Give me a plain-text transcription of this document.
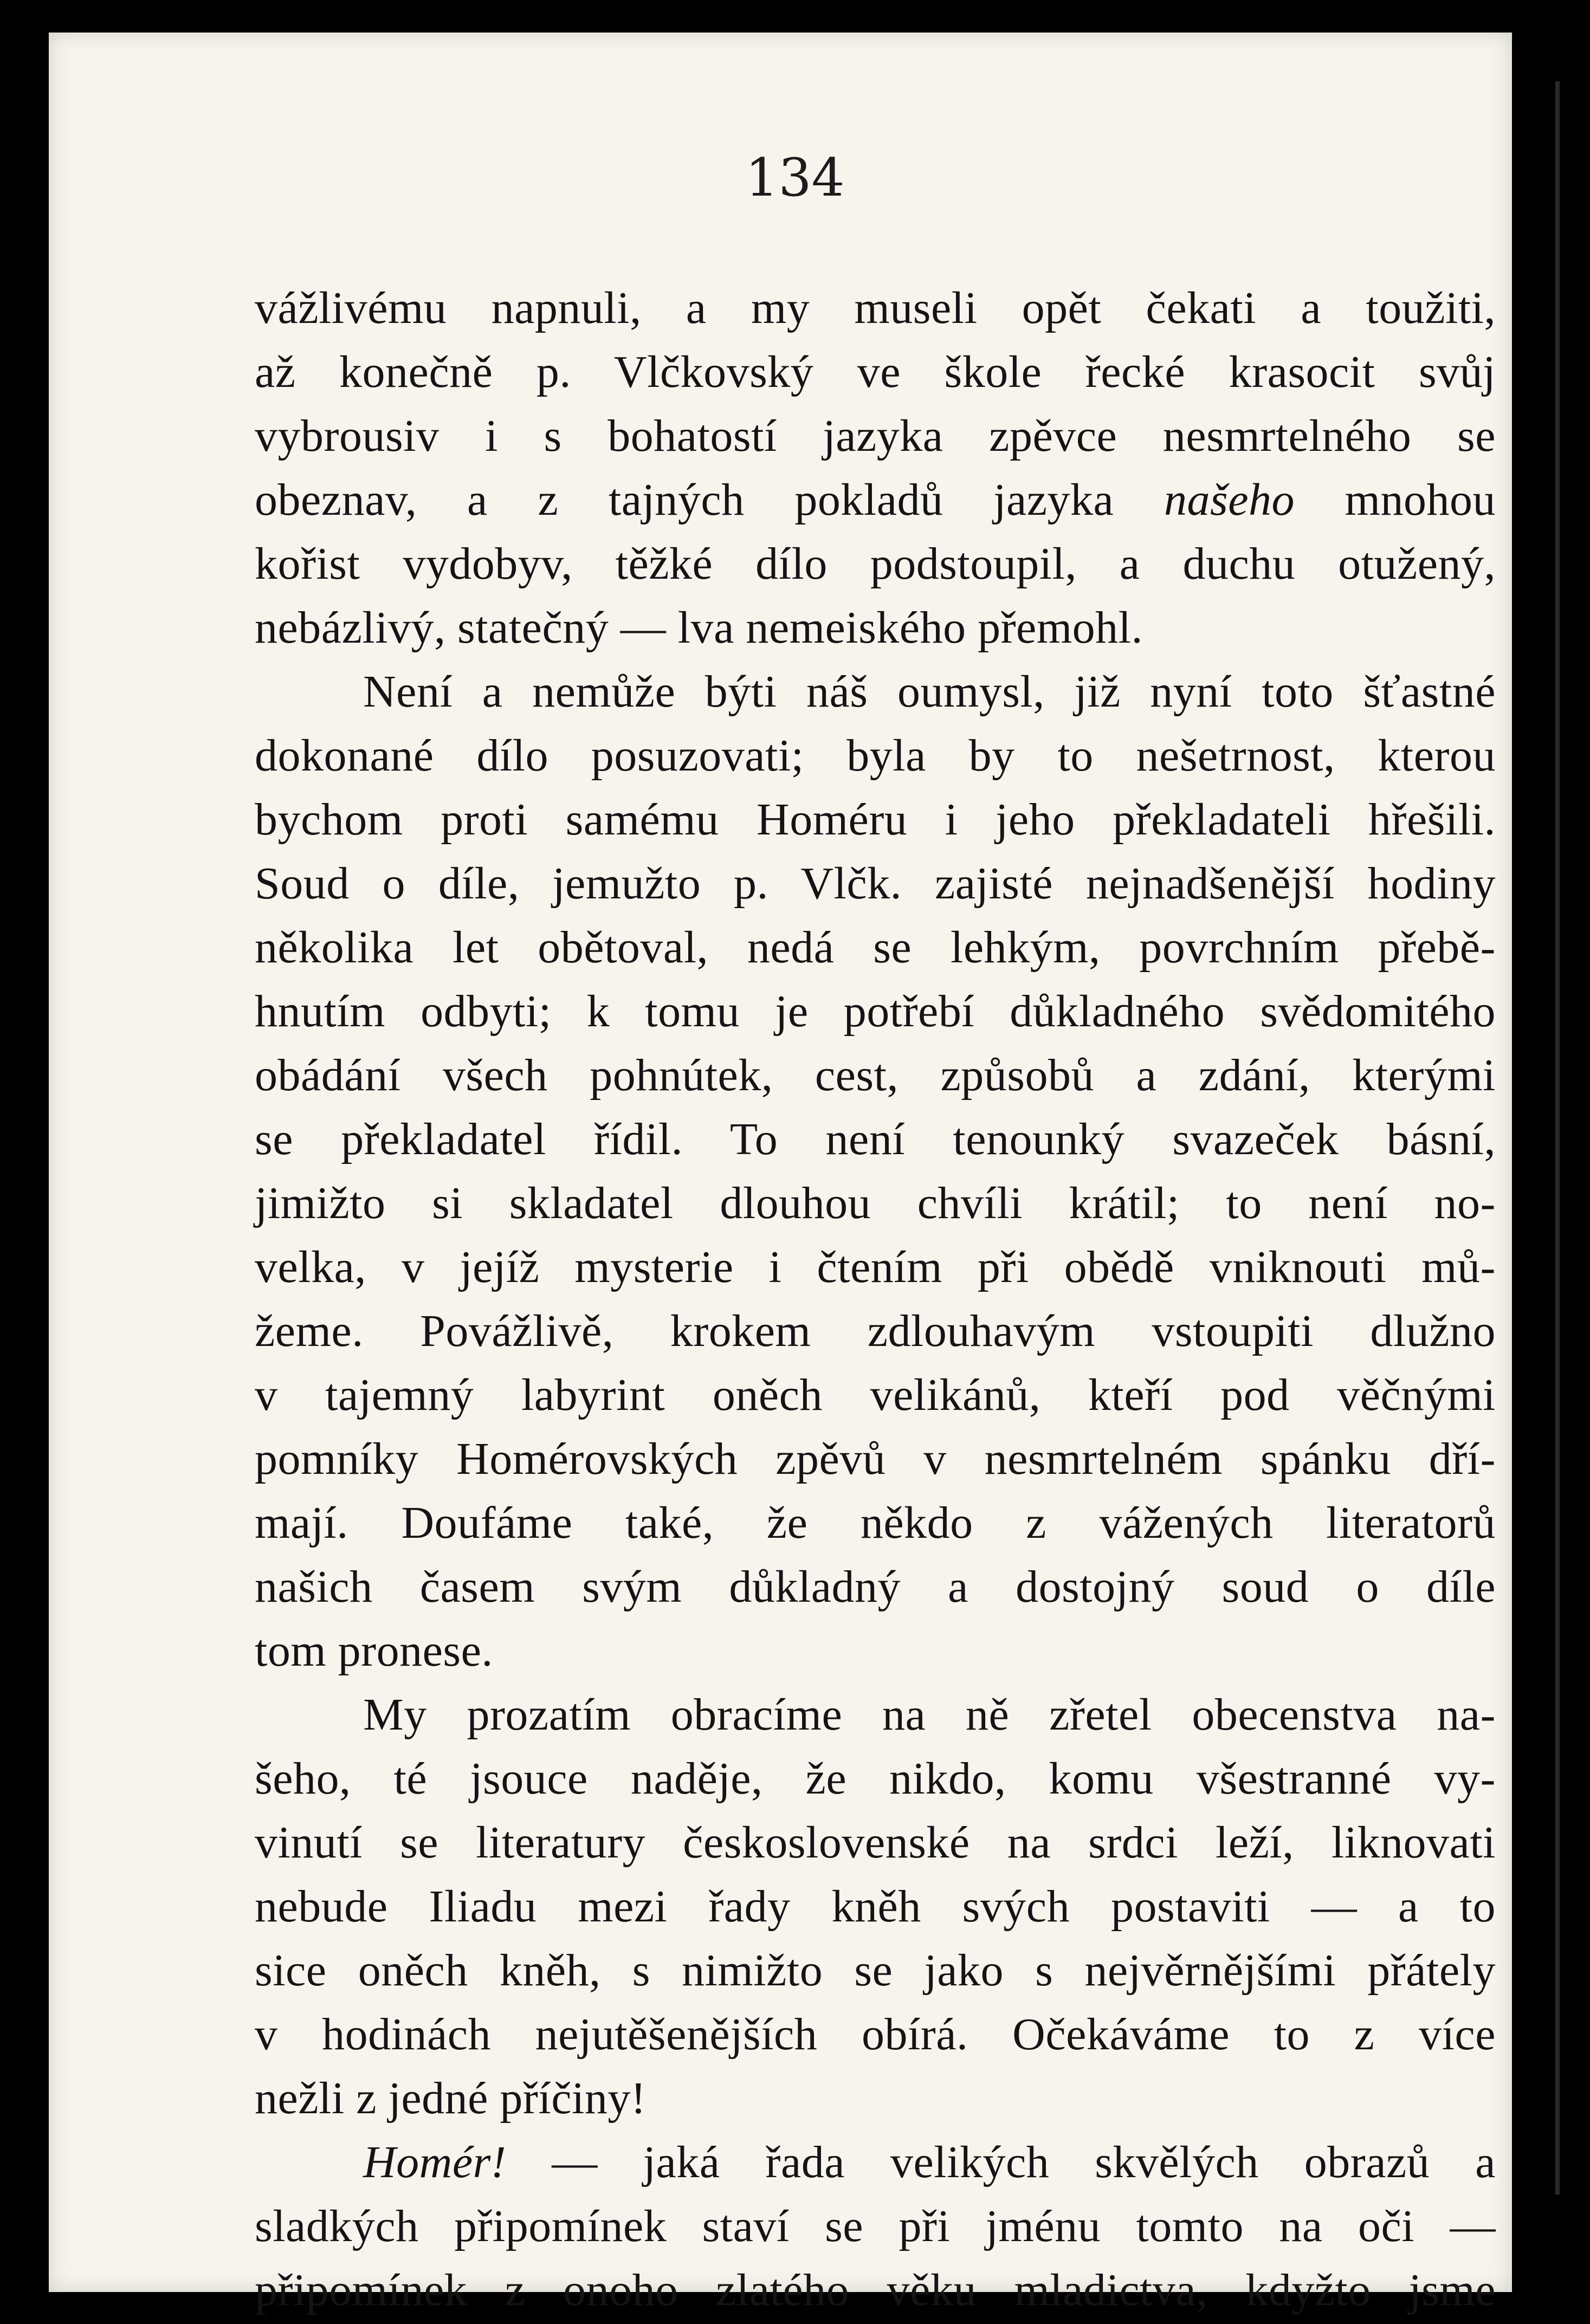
134
vážlivému napnuli, a my museli opět čekati a toužiti,
až konečně p. Vlčkovský ve škole řecké krasocit svůj
vybrousiv i s bohatostí jazyka zpěvce nesmrtelného se
obeznav, a z tajných pokladů jazyka našeho mnohou
kořist vydobyv, těžké dílo podstoupil, a duchu otužený,
nebázlivý, statečný — lva nemeiského přemohl.
Není a nemůže býti náš oumysl, již nyní toto šťastné
dokonané dílo posuzovati; byla by to nešetrnost, kterou
bychom proti samému Homéru i jeho překladateli hřešili.
Soud o díle, jemužto p. Vlčk. zajisté nejnadšenější hodiny
několika let obětoval, nedá se lehkým, povrchním přebě-
hnutím odbyti; k tomu je potřebí důkladného svědomitého
obádání všech pohnútek, cest, způsobů a zdání, kterými
se překladatel řídil. To není tenounký svazeček básní,
jimižto si skladatel dlouhou chvíli krátil; to není no-
velka, v jejíž mysterie i čtením při obědě vniknouti mů-
žeme. Povážlivě, krokem zdlouhavým vstoupiti dlužno
v tajemný labyrint oněch velikánů, kteří pod věčnými
pomníky Homérovských zpěvů v nesmrtelném spánku dří-
mají. Doufáme také, že někdo z vážených literatorů
našich časem svým důkladný a dostojný soud o díle
tom pronese.
My prozatím obracíme na ně zřetel obecenstva na-
šeho, té jsouce naděje, že nikdo, komu všestranné vy-
vinutí se literatury československé na srdci leží, liknovati
nebude Iliadu mezi řady kněh svých postaviti — a to
sice oněch kněh, s nimižto se jako s nejvěrnějšími přátely
v hodinách nejutěšenějších obírá. Očekáváme to z více
nežli z jedné příčiny!
Homér! — jaká řada velikých skvělých obrazů a
sladkých připomínek staví se při jménu tomto na oči —
připomínek z onoho zlatého věku mladictva, kdyžto jsme
